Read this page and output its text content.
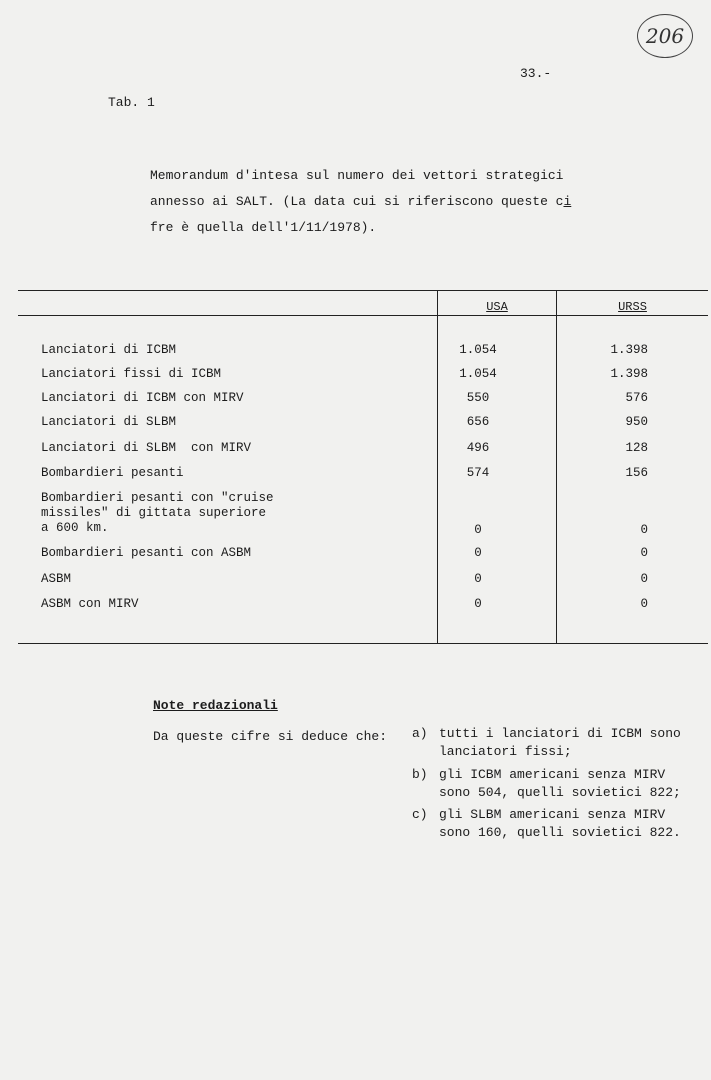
206
33.-
Tab. 1

Memorandum d'intesa sul numero dei vettori strategici

annesso ai SALT. (La data cui si riferiscono queste ci

fre è quella dell'1/11/1978).

USA	URSS
Lanciatori di ICBM	1.054	1.398
Lanciatori fissi di ICBM	1.054	1.398
Lanciatori di ICBM con MIRV	550	576
Lanciatori di SLBM	656	950
Lanciatori di SLBM  con MIRV	496	128
Bombardieri pesanti	574	156
Bombardieri pesanti con "cruise
missiles" di gittata superiore
a 600 km.	0	0
Bombardieri pesanti con ASBM	0	0
ASBM	0	0
ASBM con MIRV	0	0
Note redazionali
Da queste cifre si deduce che: a) tutti i lanciatori di ICBM sono
lanciatori fissi;
b) gli ICBM americani senza MIRV
sono 504, quelli sovietici 822;
c) gli SLBM americani senza MIRV
sono 160, quelli sovietici 822.
